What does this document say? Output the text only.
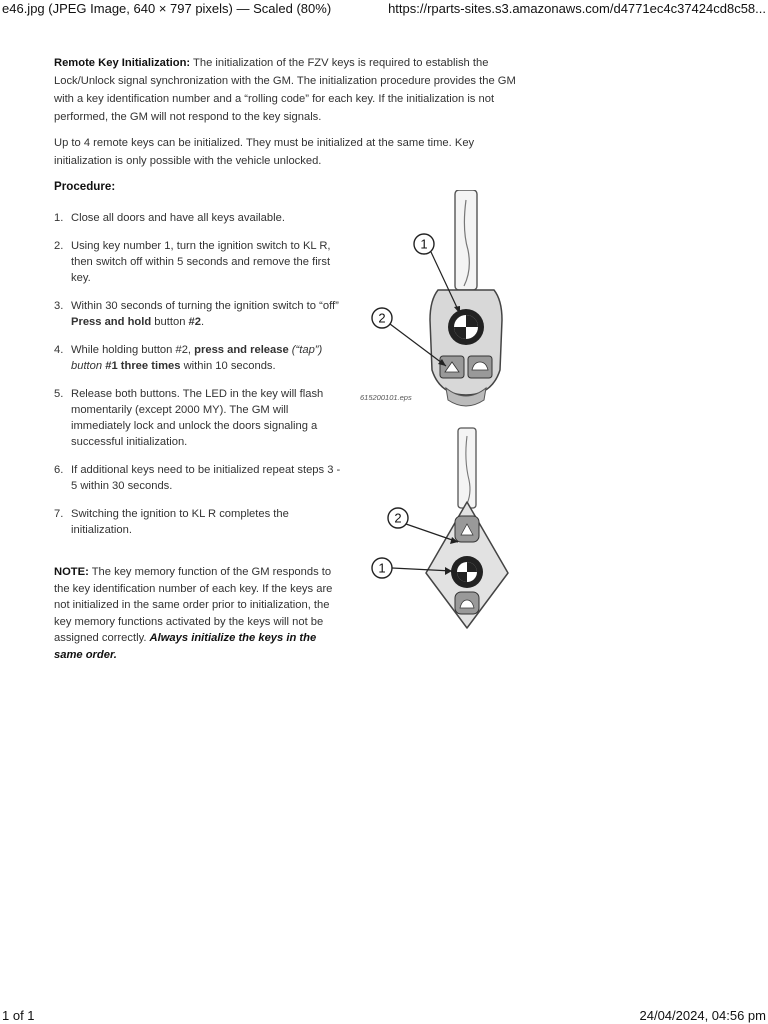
e46.jpg (JPEG Image, 640 × 797 pixels) — Scaled (80%)	https://rparts-sites.s3.amazonaws.com/d4771ec4c37424cd8c58...

Remote Key Initialization: The initialization of the FZV keys is required to establish the Lock/Unlock signal synchronization with the GM. The initialization procedure provides the GM with a key identification number and a “rolling code” for each key. If the initialization is not performed, the GM will not respond to the key signals.

Up to 4 remote keys can be initialized. They must be initialized at the same time. Key initialization is only possible with the vehicle unlocked.

Procedure:
1. Close all doors and have all keys available.
2. Using key number 1, turn the ignition switch to KL R, then switch off within 5 seconds and remove the first key.
3. Within 30 seconds of turning the ignition switch to “off” Press and hold button #2.
4. While holding button #2, press and release (“tap”) button #1 three times within 10 seconds.
5. Release both buttons. The LED in the key will flash momentarily (except 2000 MY). The GM will immediately lock and unlock the doors signaling a successful initialization.
6. If additional keys need to be initialized repeat steps 3 - 5 within 30 seconds.
7. Switching the ignition to KL R completes the initialization.
NOTE: The key memory function of the GM responds to the key identification number of each key. If the keys are not initialized in the same order prior to initialization, the key memory functions activated by the keys will not be assigned correctly. Always initialize the keys in the same order.
1
2
2
1
615200101.eps
1 of 1	24/04/2024, 04:56 pm
